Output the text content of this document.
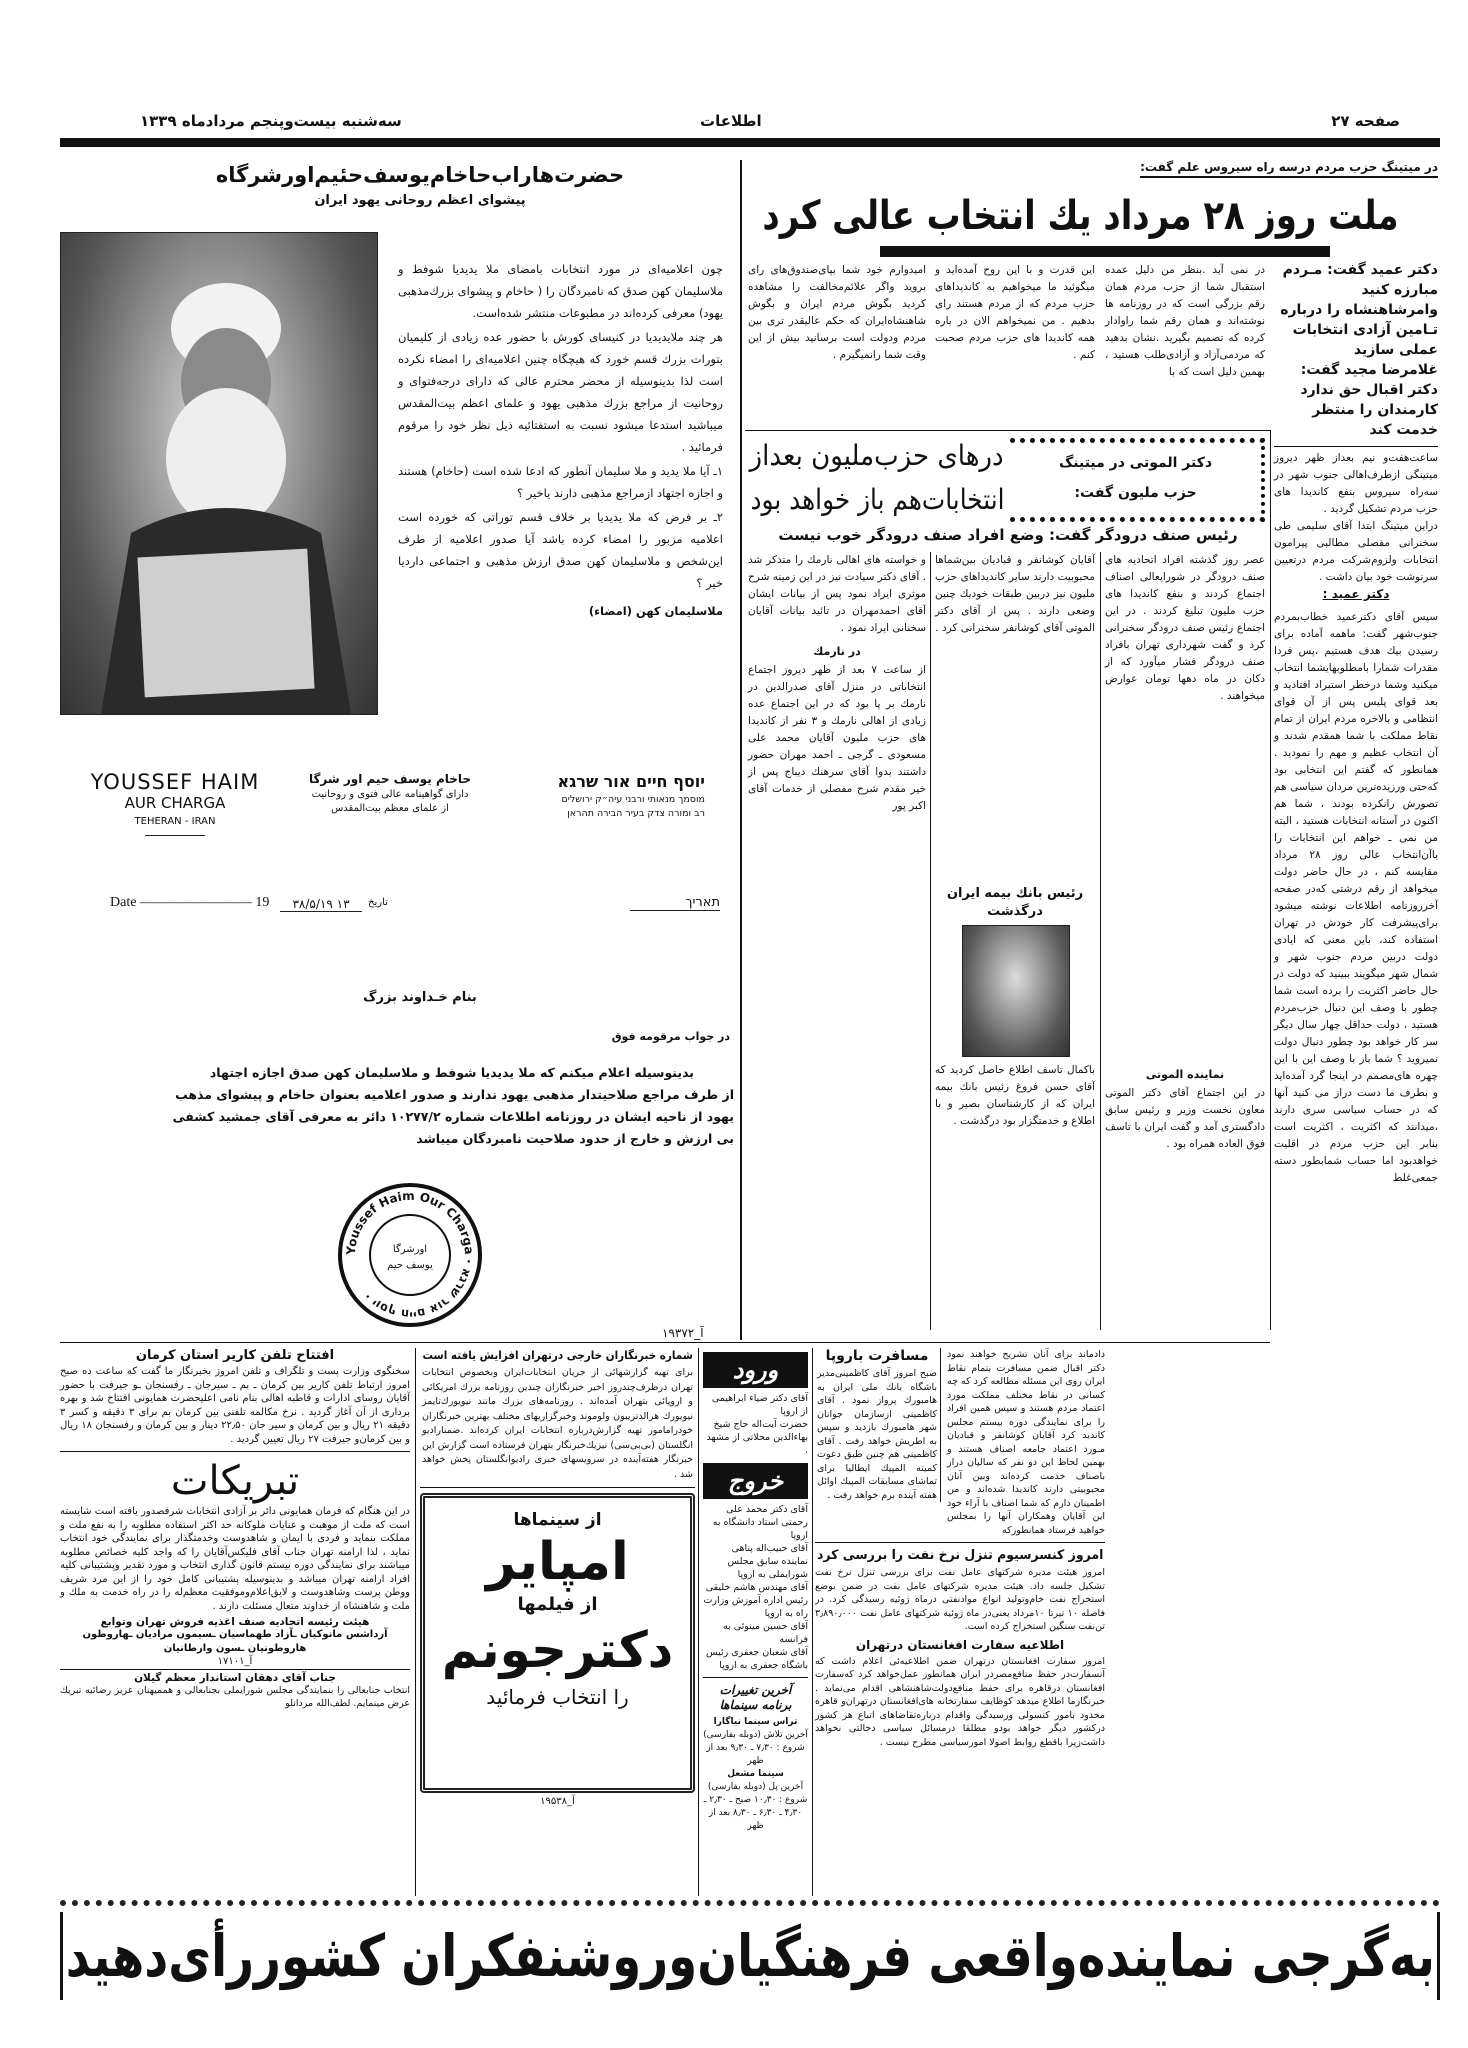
صفحه ۲۷
اطلاعات
سه‌شنبه بیست‌وپنجم مردادماه ۱۳۳۹
حضرت‌هاراب‌حاخام‌یوسف‌حئیم‌اورشرگاه
پیشوای اعظم روحانی یهود ایران

چون اعلامیه‌ای در مورد انتخابات بامضای ملا یدیدیا شوفط و ملاسلیمان کهن صدق که نامبردگان را ( حاخام و پیشوای بزرك‌مذهبی یهود) معرفی کرده‌اند در مطبوعات منتشر شده‌است.

هر چند ملایدیدیا در کنیسای کورش با حضور عده زیادی از کلیمیان بتورات بزرك قسم خورد که هیچگاه چنین اعلامیه‌ای را امضاء نکرده است لذا بدینوسیله از محضر محترم عالی که دارای درجه‌فتوای و روحانیت از مراجع بزرك مذهبی یهود و علمای اعظم بیت‌المقدس میباشید استدعا میشود نسبت به استفتائیه ذیل نظر خود را مرقوم فرمائید .

۱ـ آیا ملا یدید و ملا سلیمان آنطور که ادعا شده است (حاخام) هستند و اجازه اجتهاد ازمراجع مذهبی دارند یاخیر ؟

۲ـ بر فرض که ملا یدیدیا بر خلاف قسم توراتی که خورده است اعلامیه مزبور را امضاء کرده باشد آیا صدور اعلامیه از طرف این‌شخص و ملاسلیمان کهن صدق ارزش مذهبی و اجتماعی داردیا خیر ؟

ملاسلیمان کهن (امضاء)

YOUSSEF HAIM
AUR CHARGA
TEHERAN - IRAN
حاخام یوسف حیم اور شرگا
دارای گواهینامه عالی فتوی و روحانیت
از علمای معظم بیت‌المقدس
יוסף חיים אור שרגא
מוסמך מנאותי ורבני עיה״ק ירושלים
רב ומורה צדק בעיר הבירה תהראן
Date ———————— 19	تاریخ
۱۳ ۳۸/۵/۱۹	תאריך
بنام خـداوند بزرگ
در جواب مرقومه فوق
بدینوسیله اعلام میکنم که ملا یدیدیا شوفط و ملاسلیمان کهن صدق اجازه اجتهاد
از طرف مراجع صلاحیتدار مذهبی یهود ندارند و صدور اعلامیه بعنوان حاخام و پیشوای مذهب
یهود از ناحیه ایشان در روزنامه اطلاعات شماره ۱۰۲۷۷/۲ دائر به معرفی آقای جمشید کشفی
بی ارزش و خارج از حدود صلاحیت نامبردگان میباشد
Youssef Haim Our Charga · יוסף חיים אור שרגא ·
اورشرگا
یوسف حیم
آ_۱۹۳۷۲
در میتینگ حزب مردم درسه راه سیروس علم گفت:
ملت روز ۲۸ مرداد یك انتخاب عالی کرد
دکتر عمید گفت: مـردم مبارزه کنید وامرشاهنشاه را درباره تـامین آزادی انتخابات عملی سازید
غلامرضا مجید گفت: دکتر اقبال حق ندارد کارمندان را منتظر خدمت کند

ساعت‌هفت‌و نیم بعداز ظهر دیروز میتینگی ازطرف‌اهالی جنوب شهر در سه‌راه سیروس بنفع کاندیدا های حزب مردم تشکیل گردید .

دراین میتینگ ابتدا آقای سلیمی طی سخنرانی مفصلی مطالبی پیرامون انتخابات ولزوم‌شرکت مردم درتعیین سرنوشت خود بیان داشت .

دکتر عمید :

سپس آقای دکترعمید خطاب‌بمردم جنوب‌شهر گفت: ماهمه آماده برای رسیدن بیك هدف هستیم ،پس فردا مقدرات شمارا بامطلوبهایشما انتخاب میکنید وشما درخطر استبراد افتادید و بعد قوای پلیس پس از آن قوای انتظامی و بالاخره مردم ایران از تمام نقاط مملکت با شما همقدم شدند و آن انتخاب عظیم و مهم را نمودید . همانطور که گفتم این انتخابی بود که‌حتی ورزیده‌ترین مردان سیاسی هم تصورش رانکرده بودند ، شما هم اکنون در آستانه انتخابات هستید ، البته من نمی ـ خواهم این انتخابات را باآن‌انتخاب عالی روز ۲۸ مرداد مقایسه کنم ، در حال حاضر دولت میخواهد از رقم درشتی که‌در صفحه آخرروزنامه اطلاعات نوشته میشود برای‌پیشرفت کار خودش در تهران استفاده کند، باین معنی که ایادی دولت دربین مردم جنوب شهر و شمال شهر میگویند ببینید که دولت در حال حاضر اکثریت را برده است شما چطور با وصف این دنبال حزب‌مردم هستید ، دولت حداقل چهار سال دیگر سر کار خواهد بود چطور دنبال دولت نمیروید ؟ شما باز با وصف این با این چهره های‌مصمم در اینجا گرد آمده‌اید و بطرف ما دست دراز می کنید آنها که در حساب سیاسی سری دارند ،میدانند که اکثریت ، اکثریت است بنابر این حزب مردم در اقلیت خواهدبود اما حساب شمابطور دسته جمعی‌غلط

در نمی آید .بنظر من دلیل عمده استقبال شما از حزب مردم همان رقم بزرگی است که در روزنامه ها نوشته‌اند و همان رقم شما راوادار کرده که تصمیم بگیرید .نشان بدهید که مردمی‌آزاد و آزادی‌طلب هستید ، بهمین دلیل است که با
این قدرت و با این روح آمده‌اید و میگوئید ما میخواهیم به کاندیدا‌های حزب مردم که از مردم هستند رای بدهیم . من نمیخواهم الان در باره همه کاندیدا های حزب مردم صحبت کنم .
امیدوارم خود شما بپای‌صندوق‌های رای بروید واگر علائم‌مخالفت را مشاهده کردید بگوش مردم ایران و بگوش شاهنشاه‌ایران که حکم عالیقدر تری بین مردم ودولت است برسانید بیش از این وقت شما رانمیگیرم .
درهای حزب‌ملیون بعداز
انتخابات‌هم باز خواهد بود
دکتر الموتی در میتینگ
حزب ملیون گفت:
رئیس صنف درودگر گفت: وضع افراد صنف درودگر خوب نیست
عصر روز گذشته افراد اتحادیه های صنف درودگر در شورایعالی اصناف اجتماع کردند و بنفع کاندیدا های حزب ملیون تبلیغ کردند . در این اجتماع رئیس صنف درودگر سخنرانی کرد و گفت شهرداری تهران بافراد صنف درودگر فشار میآورد که از دکان در ماه دهها تومان عوارض میخواهند .
آقایان کوشانفر و قبادیان بین‌شماها محبوبیت دارند سایر کاندیداهای حزب ملیون نیز دربین طبقات خودیك چنین وضعی دارند . پس از آقای دکتر الموتی آقای کوشانفر سخنرانی کرد .
و خواسته های اهالی نارمك را متذکر شد . آقای دکتر سیادت نیز در این زمینه شرح موثری ایراد نمود پس از بیانات ایشان آقای احمدمهران در تائید بیانات آقایان سخنانی ایراد نمود .
در نارمك
از ساعت ۷ بعد از ظهر دیروز اجتماع انتخاباتی در منزل آقای صدرالدین در نارمك بر پا بود که در این اجتماع عده زیادی از اهالی نارمك و ۳ نفر از کاندیدا های حزب ملیون آقایان محمد علی مسعودی ـ گرجی ـ احمد مهران حضور داشتند بدوا آقای سرهنك دیباج پس از خیر مقدم شرح مفصلی از خدمات آقای اکبر پور
رئیس بانك بیمه ایران
درگذشت
باکمال تاسف اطلاع حاصل کردید که آقای حسن فروغ رئیس بانك بیمه ایران که از کارشناسان بصیر و با اطلاع و خدمتگزار بود درگذشت .
نماینده الموتی
در این اجتماع آقای دکتر الموتی معاون نخست وزیر و رئیس سابق دادگستری آمد و گفت ایران با تاسف فوق العاده همراه بود .
افتتاح تلفن کاریر استان کرمان
سخنگوی وزارت پست و تلگراف و تلفن امروز بخبرنگار ما گفت که ساعت ده صبح امروز ارتباط تلفن کاریر بین کرمان ـ بم ـ سیرجان ـ رفسنجان ـو جیرفت با حضور آقایان روسای ادارات و قاطبه اهالی بنام نامی اعلیحضرت همایونی افتتاح شد و بهره برداری از آن آغاز گردید . نرخ مکالمه تلفنی بین کرمان بم برای ۳ دقیقه و کسر ۳ دقیقه ۲۱ ریال و بین کرمان و سیر جان ۲۲٫۵۰ دینار و بین کرمان و رفسنجان ۱۸ ریال و بین کرمان‌و جیرفت ۲۷ ریال تعیین گردید .
تبریکات
در این هنگام که فرمان همایونی دائر بر آزادی انتخابات شرفصدور یافته است شایسته است که ملت از موهبت و عنایات ملوکانه حد اکثر استفاده مطلوبه را به نفع ملت و مملکت بنماید و فردی با ایمان و شاهدوست وخدمتگذار برای نمایندگی خود انتخاب نماید ، لذا ارامنه تهران جناب آقای فلیکس‌آقایان را که واجد کلیه خصائص مطلوبه میباشند برای نمایندگی دوره بیستم قانون گذاری انتخاب و مورد تقدیر وپشتیبانی کلیه افراد ارامنه تهران میباشد و بدینوسیله پشتیبانی کامل خود را از این مرد شریف ووطن پرست وشاهدوست و لایق‌اعلام‌وموفقیت معظم‌له را در راه خدمت به ملك و ملت و شاهنشاه از خداوند متعال مسئلت دارند .
هیئت رئیسه اتحادیه صنف اغذیه فروش تهران وتوابع
آرداشس مانوکیان ـآزاد طهماسیان ـسیمون مرادیان ـهاروطون هاروطونیان ـسون وارطانیان
آ_۱۷۱۰۱
جناب آقای دهقان استاندار معظم گیلان
انتخاب جنابعالی را بنمایندگی مجلس شورایملی بجنابعالی و هممیهنان عزیز رضائیه تبریك عرض مینمایم. لطف‌الله مردانلو
شماره خبرنگاران خارجی درتهران افزایش یافته است
برای تهیه گزارشهائی از جریان انتخابات‌ایران وبخصوص انتخابات تهران درظرف‌چندروز اخیر خبرنگاران چندین روزنامه بزرك امریکائی و اروپائی بتهران آمده‌اند . روزنامه‌های بزرك مانند نیویورك‌تایمز نیویورك هرالدتریبون ولوموند وخبرگزاریهای مختلف بهترین خبرنگاران خودرامامور تهیه گزارش‌درباره انتخابات ایران کرده‌اند .ضمنارادیو انگلستان (بی‌بی‌سی) نیزیك‌خبرنگار بتهران فرستاده است گزارش این خبرنگار هفته‌آینده در سرویسهای خبری رادیوانگلستان پخش خواهد شد .
از سینماها
امپایر
از فیلمها
دکترجونم
را انتخاب فرمائید
آ_۱۹۵۳۸
ورود
آقای دکتر ضیاء ابراهیمی از اروپا
حضرت آیت‌اله حاج شیخ بهاءالدین محلاتی از مشهد .
خروج
آقای دکتر محمد علی رحمتی استاد دانشگاه به اروپا
آقای حبیب‌اله پناهی نماینده سابق مجلس شورایملی به اروپا
آقای مهندس هاشم خلیقی رئیس اداره آموزش وزارت راه به اروپا
آقای حسین مینوئی به فرانسه
آقای شعبان جعفری رئیس باشگاه جعفری به اروپا
آخرین تغییرات برنامه سینماها
تراس سینما نیاگارا
آخرین تلاش (دوبله بفارسی)
شروع : ۷٫۳۰ ـ ۹٫۳۰ بعد از ظهر
سینما مشعل
آخرین پل (دوبله بفارسی)
شروع : ۱۰٫۳۰ صبح ـ ۲٫۳۰ ـ ۴٫۳۰ ـ ۶٫۳۰ ـ ۸٫۳۰ بعد از ظهر
دادماند برای آنان تشریح خواهند نمود دکتر اقبال ضمن مسافرت بتمام نقاط ایران روی این مسئله مطالعه کرد که چه کسانی در نقاط مختلف مملکت مورد اعتماد مردم هستند و سپس همین افراد را برای نمایندگی دوره بیستم مجلس کاندید کرد آقایان کوشانفر و قبادیان مـورد اعتماد جامعه اصناف هستند و بهمین لحاظ این دو نفر که سالیان دراز باصناف خدمت کرده‌اند وبین آنان محبوبیتی دارند کاندیدا شده‌اند و من اطمینان دارم که شما اصناف با آراء خود این آقایان وهمکاران آنها را بمجلس خواهید فرستاد همانطورکه
مسافرت باروپا
صبح امروز آقای کاظمینی‌مدیر باشگاه بانك ملی ایران به هامبورك پرواز نمود . آقای کاظمینی ازسازمان جوانان شهر هامبورك بازدید و سپس به اطریش خواهد رفت . آقای کاظمینی هم چنین طبق دعوت کمیته المپیك ایطالیا برای تماشای مسابقات المپیك اوائل هفته آینده برم خواهد رفت .
امروز کنسرسیوم تنزل نرخ نفت را بررسی کرد
امروز هیئت مدیره شرکتهای عامل نفت برای بررسی تنزل نرخ نفت تشکیل جلسه داد. هیئت مدیره شرکتهای عامل نفت در ضمن بوضع استخراج نفت خام‌وتولید انواع موادنفتی درماه ژوئیه رسیدگی کرد. در فاصله ۱۰ تیرتا ۱۰مرداد یعنی‌در ماه ژوئیه شرکتهای عامل نفت ۳٫۸۹۰٫۰۰۰ تن‌نفت سنگین استخراج کرده است.
اطلاعیه سفارت افغانستان درتهران
امروز سفارت افغانستان درتهران ضمن اطلاعیه‌ئی اعلام داشت که آنسفارت‌در حفظ منافع‌مصردر ایران همانطور عمل‌خواهد کرد که‌سفارت افغانستان درقاهره برای حفظ منافع‌دولت‌شاهنشاهی اقدام می‌نماید . خبرنگارما اطلاع میدهد کوظایف سفارتخانه های‌افغانستان درتهران‌و قاهره محدود بامور کنسولی ورسیدگی واقدام درباره‌تقاضاهای اتباع هر کشور درکشور دیگر خواهد بودو مطلقا درمسائل سیاسی دخالتی نخواهد داشت‌زیرا باقطع روابط اصولا امورسیاسی مطرح نیست .
به‌گرجی نماینده‌واقعی فرهنگیان‌وروشنفکران کشوررأی‌دهید
